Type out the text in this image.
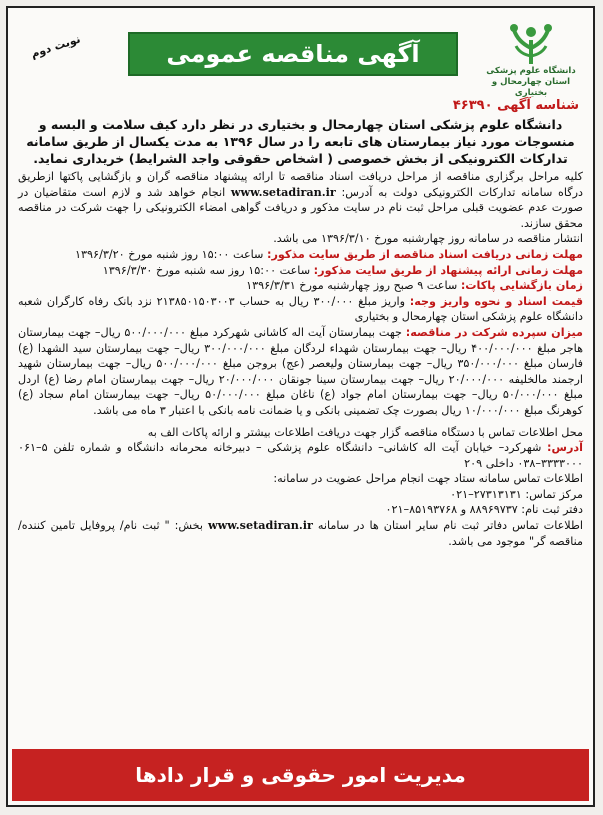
نوبت دوم	آگهی مناقصه عمومی
دانشگاه علوم پزشکی
استان چهارمحال و بختیاری
شناسه آگهی ۴۶۳۹۰

دانشگاه علوم پزشکی استان چهارمحال و بختیاری در نظر دارد کیف سلامت و البسه و منسوجات مورد نیاز بیمارستان های تابعه را در سال ۱۳۹۶ به مدت یکسال از طریق سامانه تدارکات الکترونیکی از بخش خصوصی ( اشخاص حقوقی واجد الشرایط) خریداری نماید.

کلیه مراحل برگزاری مناقصه از مراحل دریافت اسناد مناقصه تا ارائه پیشنهاد مناقصه گران و بازگشایی پاکتها ازطریق درگاه سامانه تدارکات الکترونیکی دولت به آدرس: www.setadiran.ir انجام خواهد شد و لازم است متقاضیان در صورت عدم عضویت قبلی مراحل ثبت نام در سایت مذکور و دریافت گواهی امضاء الکترونیکی را جهت شرکت در مناقصه محقق سازند.

انتشار مناقصه در سامانه روز چهارشنبه مورخ ۱۳۹۶/۳/۱۰ می باشد.

مهلت زمانی دریافت اسناد مناقصه از طریق سایت مذکور: ساعت ۱۵:۰۰ روز شنبه مورخ ۱۳۹۶/۳/۲۰

مهلت زمانی ارائه پیشنهاد از طریق سایت مذکور: ساعت ۱۵:۰۰ روز سه شنبه مورخ ۱۳۹۶/۳/۳۰

زمان بازگشایی پاکات: ساعت ۹ صبح روز چهارشنبه مورخ ۱۳۹۶/۳/۳۱

قیمت اسناد و نحوه واریز وجه: واریز مبلغ ۳۰۰/۰۰۰ ریال به حساب ۲۱۳۸۵۰۱۵۰۳۰۰۳ نزد بانک رفاه کارگران شعبه دانشگاه علوم پزشکی استان چهارمحال و بختیاری

میزان سپرده شرکت در مناقصه: جهت بیمارستان آیت اله کاشانی شهرکرد مبلغ ۵۰۰/۰۰۰/۰۰۰ ریال– جهت بیمارستان هاجر مبلغ ۴۰۰/۰۰۰/۰۰۰ ریال– جهت بیمارستان شهداء لردگان مبلغ ۳۰۰/۰۰۰/۰۰۰ ریال– جهت بیمارستان سید الشهدا (ع) فارسان مبلغ ۳۵۰/۰۰۰/۰۰۰ ریال– جهت بیمارستان ولیعصر (عج) بروجن مبلغ ۵۰۰/۰۰۰/۰۰۰ ریال– جهت بیمارستان شهید ارجمند مالخلیفه ۲۰/۰۰۰/۰۰۰ ریال– جهت بیمارستان سینا جونقان ۲۰/۰۰۰/۰۰۰ ریال– جهت بیمارستان امام رضا (ع) اردل مبلغ ۵۰/۰۰۰/۰۰۰ ریال– جهت بیمارستان امام جواد (ع) ناغان مبلغ ۵۰/۰۰۰/۰۰۰ ریال– جهت بیمارستان امام سجاد (ع) کوهرنگ مبلغ ۱۰/۰۰۰/۰۰۰ ریال بصورت چک تضمینی بانکی و یا ضمانت نامه بانکی با اعتبار ۳ ماه می باشد.

محل اطلاعات تماس با دستگاه مناقصه گزار جهت دریافت اطلاعات بیشتر و ارائه پاکات الف به

آدرس: شهرکرد– خیابان آیت اله کاشانی– دانشگاه علوم پزشکی – دبیرخانه محرمانه دانشگاه و شماره تلفن ۵–۰۶۱ ۳۳۳۳۰۰۰–۰۳۸ داخلی ۲۰۹

اطلاعات تماس سامانه ستاد جهت انجام مراحل عضویت در سامانه:

مرکز تماس: ۲۷۳۱۳۱۳۱–۰۲۱

دفتر ثبت نام: ۸۸۹۶۹۷۳۷ و ۸۵۱۹۳۷۶۸–۰۲۱

اطلاعات تماس دفاتر ثبت نام سایر استان ها در سامانه www.setadiran.ir بخش: " ثبت نام/ پروفایل تامین کننده/ مناقصه گر" موجود می باشد.

مدیریت امور حقوقی و قرار دادها
